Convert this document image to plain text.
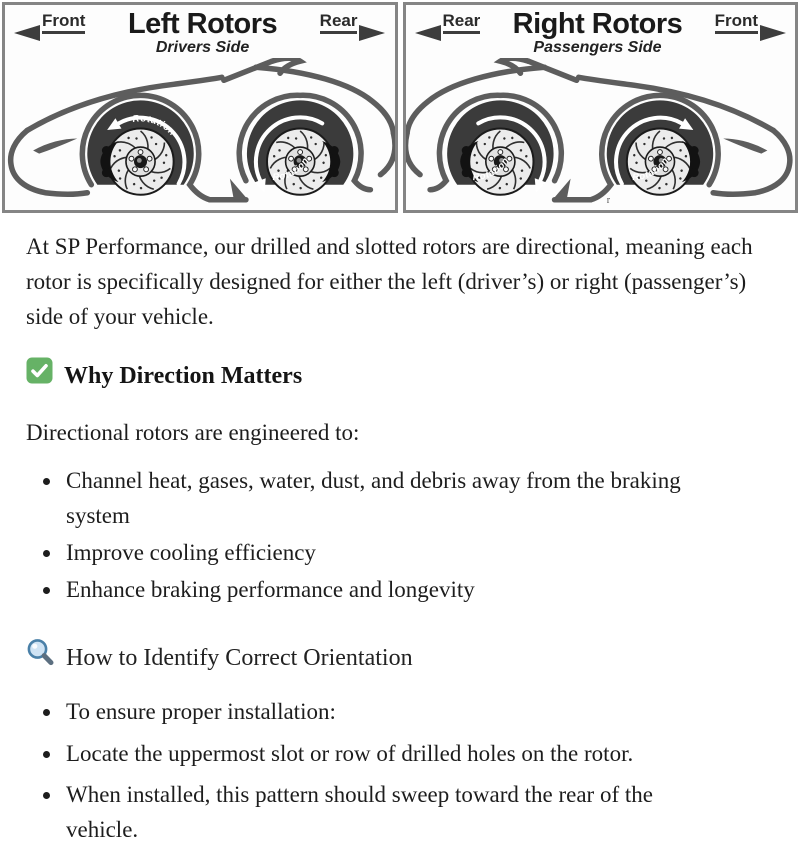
Front Left Rotors
Drivers Side
Rear
Rotation
Rotation
Rear Right Rotors
Passengers Side
Front
Rotation
Rotation
r

At SP Performance, our drilled and slotted rotors are directional, meaning each rotor is specifically designed for either the left (driver’s) or right (passenger’s) side of your vehicle.

Why Direction Matters

Directional rotors are engineered to:

• Channel heat, gases, water, dust, and debris away from the braking system
• Improve cooling efficiency
• Enhance braking performance and longevity
How to Identify Correct Orientation
• To ensure proper installation:
• Locate the uppermost slot or row of drilled holes on the rotor.
• When installed, this pattern should sweep toward the rear of the vehicle.
